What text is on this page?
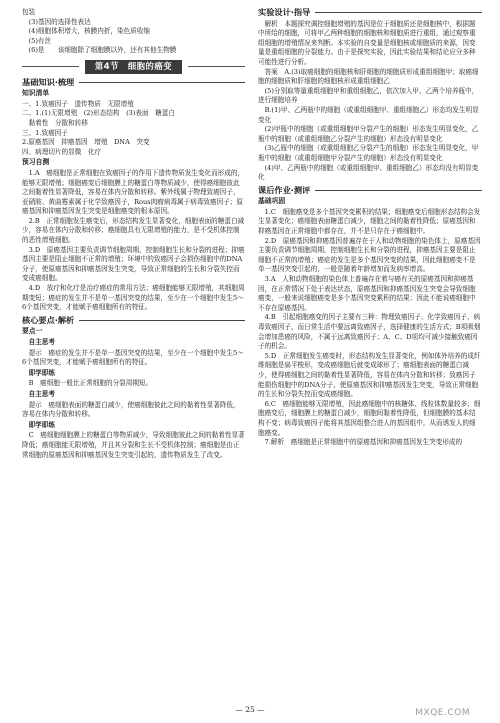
包装

(3)基因的选择性表达

(4)细胞体积增大，核膜内折，染色质收缩

(5)有丝

(6)是　　该细胞除了细胞膜以外，还有其他生物膜

第4节　细胞的癌变
基础知识·梳理
知识清单

一、1.致癌因子　遗传物质　无限增殖

二、1.(1)无限增殖　(2)形态结构　(3)表面　糖蛋白

黏着性　分散和转移

三、1.致癌因子

2.原癌基因　抑癌基因　增殖　DNA　突变

四、病理切片的显微　化疗

预习自测

1.A　癌细胞是正常细胞在致癌因子的作用下遗传物质发生变化而形成的，能够无限增殖；细胞癌变后细胞膜上的糖蛋白等物质减少，使得癌细胞彼此之间黏着性显著降低，容易在体内分散和转移。紫外线属于物理致癌因子，亚硝胺、黄曲霉素属于化学致癌因子，Rous肉瘤病毒属于病毒致癌因子；原癌基因和抑癌基因发生突变是细胞癌变的根本原因。

2.B　正常细胞发生癌变后，形态结构发生显著变化，细胞表面的糖蛋白减少，容易在体内分散和转移；癌细胞具有无限增殖的能力，是不受机体控制的恶性增殖细胞。

3.D　原癌基因主要负责调节细胞周期，控制细胞生长和分裂的进程；抑癌基因主要是阻止细胞不正常的增殖；环境中的致癌因子会损伤细胞中的DNA分子，使原癌基因和抑癌基因发生突变，导致正常细胞的生长和分裂失控而变成癌细胞。

4.D　放疗和化疗是治疗癌症的常用方法；癌细胞能够无限增殖，其细胞周期变短；癌症的发生并不是单一基因突变的结果，至少在一个细胞中发生5～6个基因突变，才能赋予癌细胞所有的特征。

核心要点·解析
要点一
自主思考

提示　癌症的发生并不是单一基因突变的结果，至少在一个细胞中发生5～6个基因突变，才能赋予癌细胞所有的特征。

即学即练

B　癌细胞一般比正常细胞的分裂周期短。

自主思考

提示　癌细胞表面的糖蛋白减少，使癌细胞彼此之间的黏着性显著降低，容易在体内分散和转移。

即学即练

C　癌细胞细胞膜上的糖蛋白等物质减少，导致细胞彼此之间的黏着性显著降低；癌细胞能无限增殖，并且其分裂和生长不受机体控制；癌细胞是由正常细胞的原癌基因和抑癌基因发生突变引起的，遗传物质发生了改变。

实验设计·指导

解析　本题探究调控细胞增殖的基因是位于细胞质还是细胞核中，根据题中所给的细胞，可将甲乙两种细胞的细胞核和细胞质进行重组，通过观察重组细胞的增殖情况来判断。本实验的自变量是细胞核或细胞质的来源，因变量是重组细胞的分裂能力。由于是探究实验，因此实验结果和结论应分多种可能性进行分析。

答案　A.(3)取癌细胞的细胞核和肝细胞的细胞质形成重组细胞甲；取癌细胞的细胞质和肝细胞的细胞核形成重组细胞乙

(5)分别取等量重组细胞甲和重组细胞乙，依次加入甲、乙两个培养瓶中，进行细胞培养

B.(1)甲、乙两瓶中的细胞（或重组细胞甲、重组细胞乙）形态均发生明显变化

(2)甲瓶中的细胞（或重组细胞甲分裂产生的细胞）形态发生明显变化，乙瓶中的细胞（或重组细胞乙分裂产生的细胞）形态没有明显变化

(3)乙瓶中的细胞（或重组细胞乙分裂产生的细胞）形态发生明显变化，甲瓶中的细胞（或重组细胞甲分裂产生的细胞）形态没有明显变化

(4)甲、乙两瓶中的细胞（或重组细胞甲、重组细胞乙）形态均没有明显变化

课后作业·测评
基础巩固

1.C　细胞癌变是多个基因突变累积的结果；细胞癌变后细胞形态结构会发生显著变化；癌细胞表面糖蛋白减少，细胞之间的黏着性降低；原癌基因和抑癌基因在正常细胞中都存在，并不是只存在于癌细胞中。

2.D　原癌基因和抑癌基因普遍存在于人和动物细胞的染色体上，原癌基因主要负责调节细胞周期，控制细胞生长和分裂的进程，抑癌基因主要是阻止细胞不正常的增殖；癌症的发生是多个基因突变的结果，因此细胞癌变不是单一基因突变引起的，一般是随着年龄增加而发病率增高。

3.A　人和动物细胞的染色体上普遍存在着与癌有关的原癌基因和抑癌基因，在正常情况下处于表达状态，原癌基因和抑癌基因发生突变会导致细胞癌变，一般来说细胞癌变是多个基因突变累积的结果；因此不能说癌细胞中不存在原癌基因。

4.B　引起细胞癌变的因子主要有三种：物理致癌因子、化学致癌因子、病毒致癌因子，而日常生活中要远离致癌因子，选择健康的生活方式；B项吸烟会增加患癌的风险，不属于远离致癌因子；A、C、D项均可减少接触致癌因子的机会。

5.D　正常细胞发生癌变时，形态结构发生显著变化，例如体外培养的成纤维细胞是扁平梭形，变成癌细胞后就变成球形了；癌细胞表面的糖蛋白减少，使得癌细胞之间的黏着性显著降低，容易在体内分散和转移；致癌因子能损伤细胞中的DNA分子，使原癌基因和抑癌基因发生突变，导致正常细胞的生长和分裂失控而变成癌细胞。

6.C　癌细胞能够无限增殖，因此癌细胞中的核糖体、线粒体数量较多；细胞癌变后，细胞膜上的糖蛋白减少，细胞间黏着性降低，但细胞膜的基本结构不变；病毒致癌因子能将其基因组整合进人的基因组中，从而诱发人的细胞癌变。

7.解析　癌细胞是正常细胞中的原癌基因和抑癌基因发生突变形成的

— 25 —	MXQE.COM
